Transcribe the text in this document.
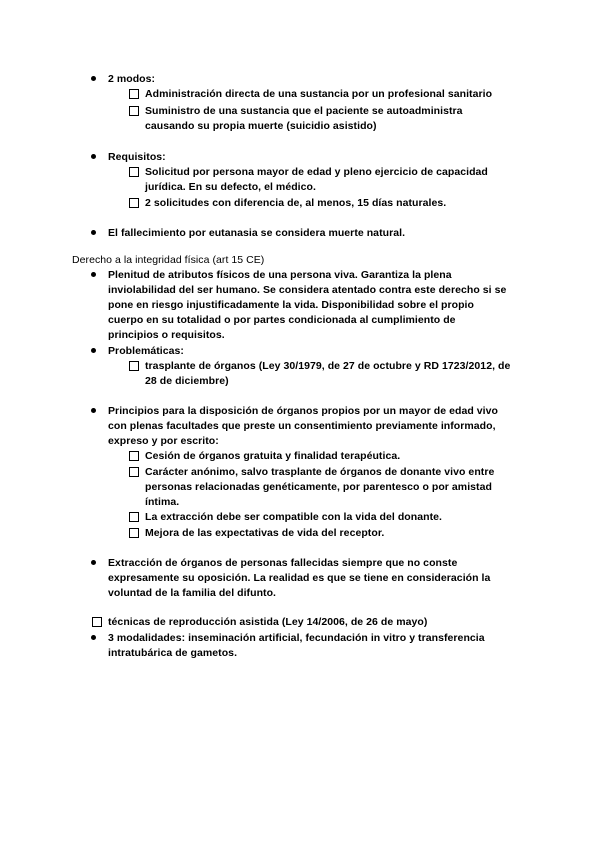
2 modos:
Administración directa de una sustancia por un profesional sanitario
Suministro de una sustancia que el paciente se autoadministra
causando su propia muerte (suicidio asistido)
Requisitos:
Solicitud por persona mayor de edad y pleno ejercicio de capacidad
jurídica. En su defecto, el médico.
2 solicitudes con diferencia de, al menos, 15 días naturales.
El fallecimiento por eutanasia se considera muerte natural.
Derecho a la integridad física (art 15 CE)
Plenitud de atributos físicos de una persona viva. Garantiza la plena
inviolabilidad del ser humano. Se considera atentado contra este derecho si se
pone en riesgo injustificadamente la vida. Disponibilidad sobre el propio
cuerpo en su totalidad o por partes condicionada al cumplimiento de
principios o requisitos.
Problemáticas:
trasplante de órganos (Ley 30/1979, de 27 de octubre y RD 1723/2012, de
28 de diciembre)
Principios para la disposición de órganos propios por un mayor de edad vivo
con plenas facultades que preste un consentimiento previamente informado,
expreso y por escrito:
Cesión de órganos gratuita y finalidad terapéutica.
Carácter anónimo, salvo trasplante de órganos de donante vivo entre
personas relacionadas genéticamente, por parentesco o por amistad
íntima.
La extracción debe ser compatible con la vida del donante.
Mejora de las expectativas de vida del receptor.
Extracción de órganos de personas fallecidas siempre que no conste
expresamente su oposición. La realidad es que se tiene en consideración la
voluntad de la familia del difunto.
técnicas de reproducción asistida (Ley 14/2006, de 26 de mayo)
3 modalidades: inseminación artificial, fecundación in vitro y transferencia
intratubárica de gametos.
